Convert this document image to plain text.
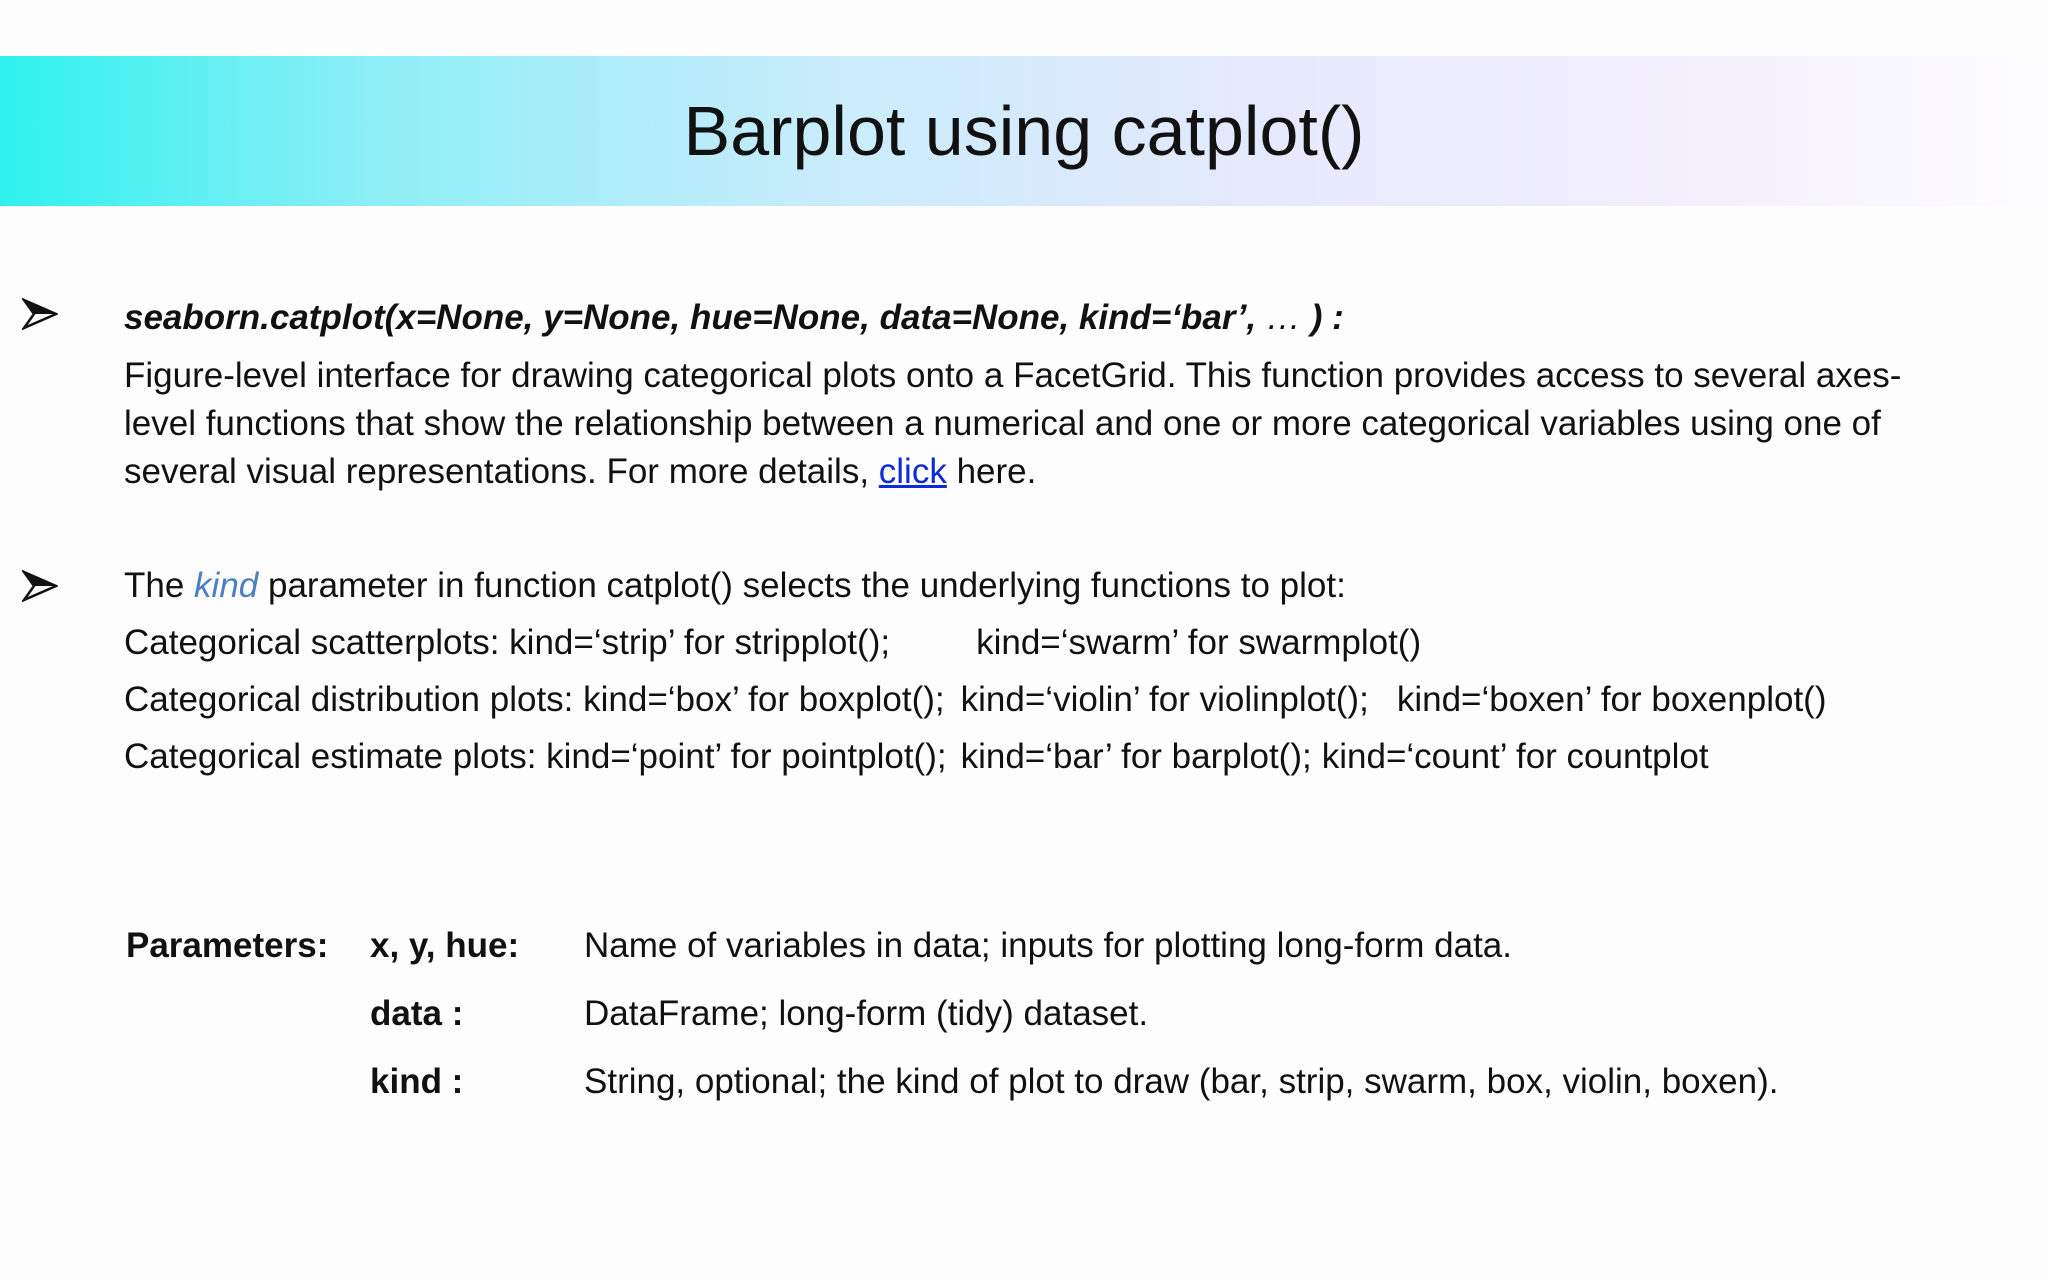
Barplot using catplot()
seaborn.catplot(x=None, y=None, hue=None, data=None, kind=‘bar’, … ) :
Figure-level interface for drawing categorical plots onto a FacetGrid. This function provides access to several axes-
level functions that show the relationship between a numerical and one or more categorical variables using one of
several visual representations. For more details, click here.
The kind parameter in function catplot() selects the underlying functions to plot:
Categorical scatterplots: kind=‘strip’ for stripplot(); kind=‘swarm’ for swarmplot()
Categorical distribution plots: kind=‘box’ for boxplot(); kind=‘violin’ for violinplot(); kind=‘boxen’ for boxenplot()
Categorical estimate plots: kind=‘point’ for pointplot(); kind=‘bar’ for barplot(); kind=‘count’ for countplot
Parameters: x, y, hue: Name of variables in data; inputs for plotting long-form data.
data :	DataFrame; long-form (tidy) dataset.
kind :	String, optional; the kind of plot to draw (bar, strip, swarm, box, violin, boxen).
